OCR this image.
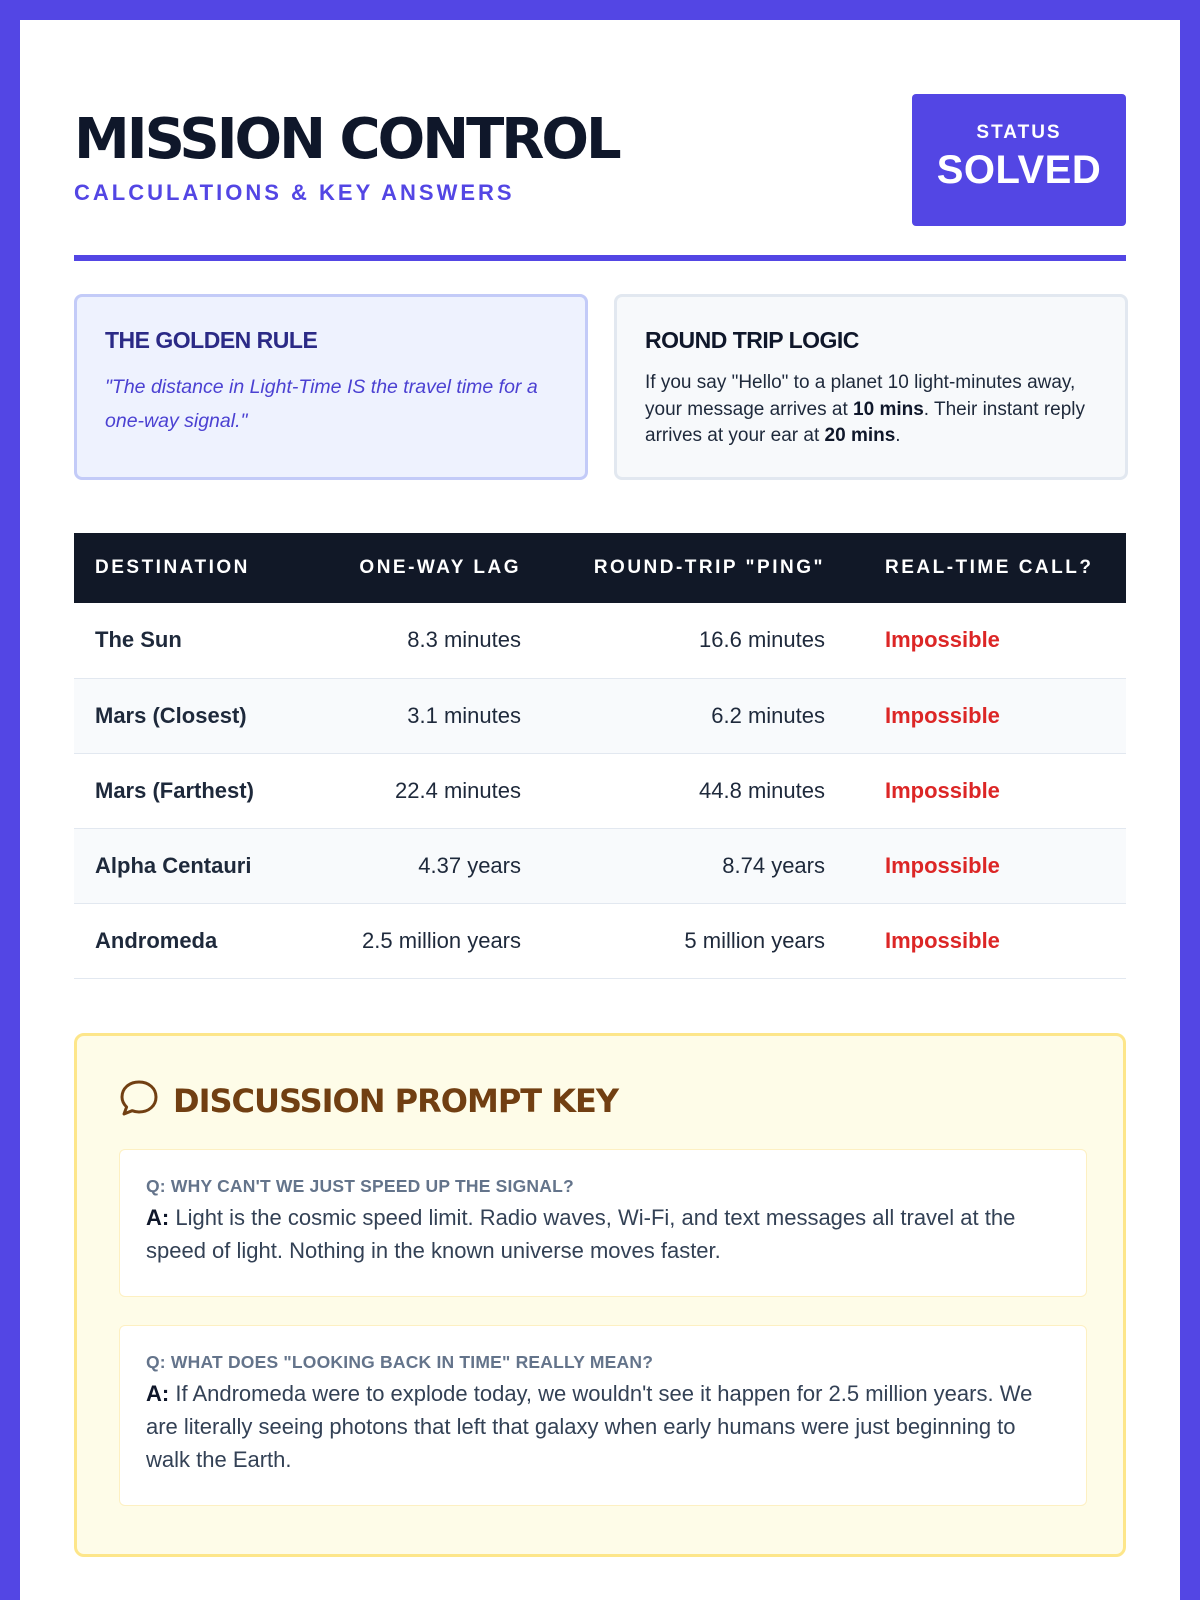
MISSION CONTROL
CALCULATIONS & KEY ANSWERS
STATUS
SOLVED
THE GOLDEN RULE
"The distance in Light-Time IS the travel time for a one-way signal."
ROUND TRIP LOGIC
If you say "Hello" to a planet 10 light-minutes away, your message arrives at 10 mins. Their instant reply arrives at your ear at 20 mins.
DESTINATION	ONE-WAY LAG	ROUND-TRIP "PING"	REAL-TIME CALL?
The Sun	8.3 minutes	16.6 minutes	Impossible
Mars (Closest)	3.1 minutes	6.2 minutes	Impossible
Mars (Farthest)	22.4 minutes	44.8 minutes	Impossible
Alpha Centauri	4.37 years	8.74 years	Impossible
Andromeda	2.5 million years	5 million years	Impossible
DISCUSSION PROMPT KEY
Q: WHY CAN'T WE JUST SPEED UP THE SIGNAL?
A: Light is the cosmic speed limit. Radio waves, Wi-Fi, and text messages all travel at the speed of light. Nothing in the known universe moves faster.
Q: WHAT DOES "LOOKING BACK IN TIME" REALLY MEAN?
A: If Andromeda were to explode today, we wouldn't see it happen for 2.5 million years. We are literally seeing photons that left that galaxy when early humans were just beginning to walk the Earth.
